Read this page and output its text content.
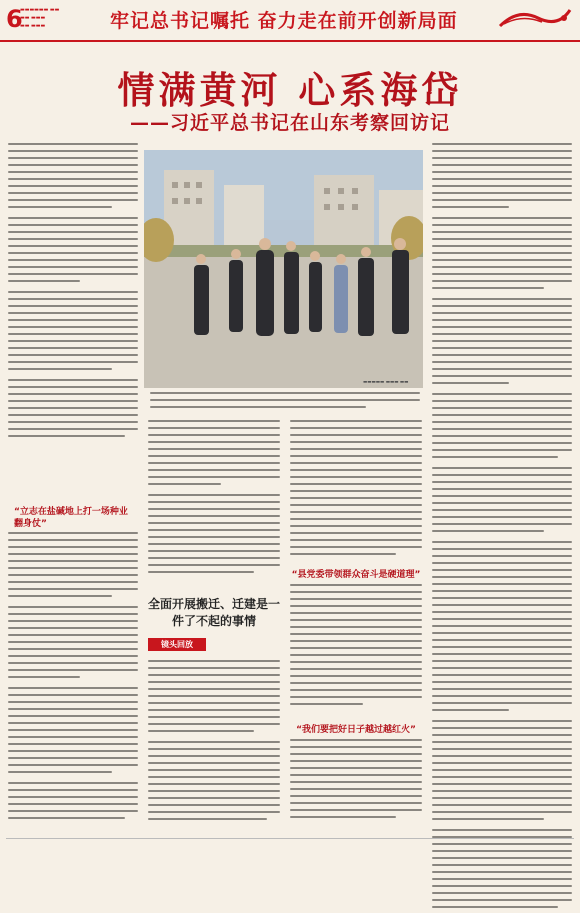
6
▬▬▬▬▬▬ ▬▬
▬▬ ▬▬▬
▬▬ ▬▬▬	牢记总书记嘱托 奋力走在前开创新局面
情满黄河 心系海岱
——习近平总书记在山东考察回访记
▬▬▬▬▬ ▬▬▬ ▬▬
“立志在盐碱地上打一场种业翻身仗”
全面开展搬迁、迁建是一件了不起的事情
镜头回放
“县党委带领群众奋斗是硬道理”
“我们要把好日子越过越红火”
